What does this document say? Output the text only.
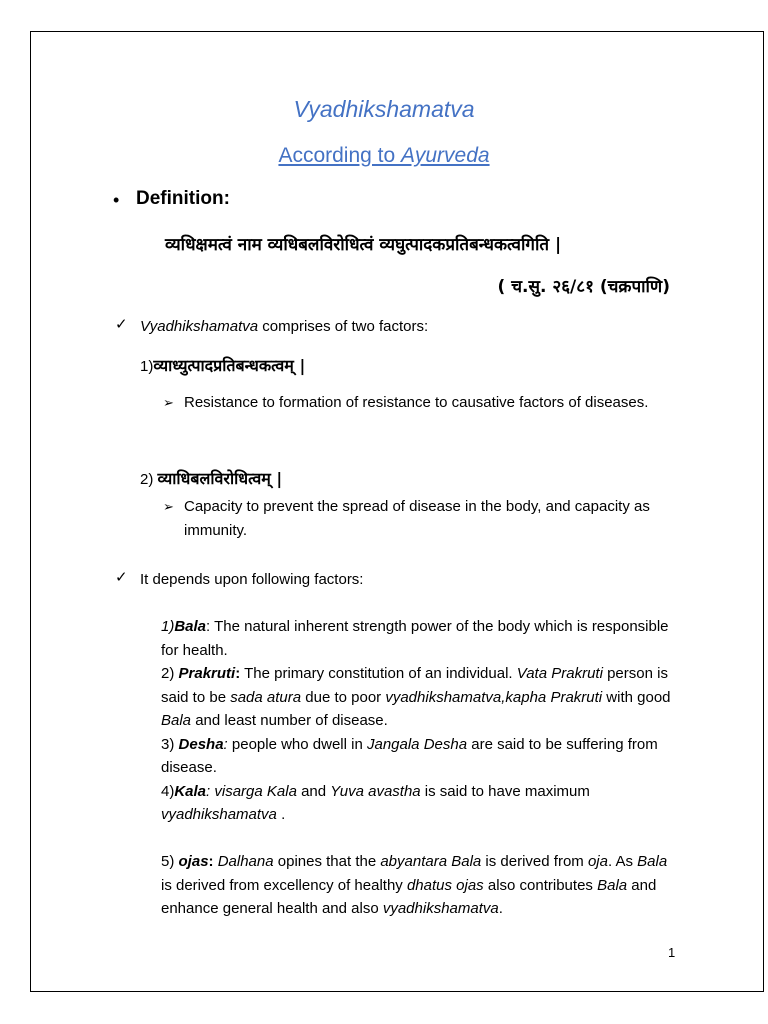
Vyadhikshamatva
According to Ayurveda
• Definition:
व्यधिक्षमत्वं नाम व्यधिबलविरोधित्वं व्यघुत्पादकप्रतिबन्धकत्वगिति |
( च.सु. २६/८१ (चक्रपाणि)
✓ Vyadhikshamatva comprises of two factors:
1)व्याध्युत्पादप्रतिबन्धकत्वम् |
➢ Resistance to formation of resistance to causative factors of diseases.
2) व्याधिबलविरोधित्वम् |
➢ Capacity to prevent the spread of disease in the body, and capacity as immunity.
✓ It depends upon following factors:

1)Bala: The natural inherent strength power of the body which is responsible for health.

2) Prakruti: The primary constitution of an individual. Vata Prakruti person is said to be sada atura due to poor vyadhikshamatva,kapha Prakruti with good Bala and least number of disease.

3) Desha: people who dwell in Jangala Desha are said to be suffering from disease.

4)Kala: visarga Kala and Yuva avastha is said to have maximum vyadhikshamatva .

5) ojas: Dalhana opines that the abyantara Bala is derived from oja. As Bala is derived from excellency of healthy dhatus ojas also contributes Bala and enhance general health and also vyadhikshamatva.

1
